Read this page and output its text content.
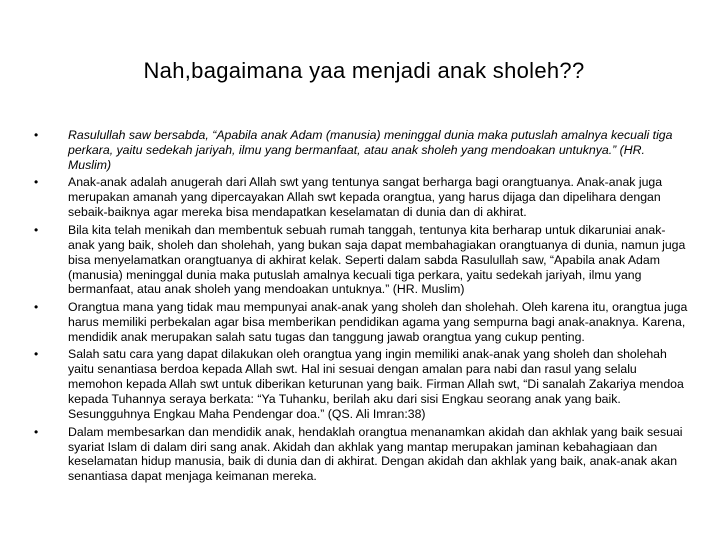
Nah,bagaimana yaa menjadi anak sholeh??
• Rasulullah saw bersabda, “Apabila anak Adam (manusia) meninggal dunia maka putuslah amalnya kecuali tiga perkara, yaitu sedekah jariyah, ilmu yang bermanfaat, atau anak sholeh yang mendoakan untuknya.” (HR. Muslim)
• Anak-anak adalah anugerah dari Allah swt yang tentunya sangat berharga bagi orangtuanya. Anak-anak juga merupakan amanah yang dipercayakan Allah swt kepada orangtua, yang harus dijaga dan dipelihara dengan sebaik-baiknya agar mereka bisa mendapatkan keselamatan di dunia dan di akhirat.
• Bila kita telah menikah dan membentuk sebuah rumah tanggah, tentunya kita berharap untuk dikaruniai anak-anak yang baik, sholeh dan sholehah, yang bukan saja dapat membahagiakan orangtuanya di dunia, namun juga bisa menyelamatkan orangtuanya di akhirat kelak. Seperti dalam sabda Rasulullah saw, “Apabila anak Adam (manusia) meninggal dunia maka putuslah amalnya kecuali tiga perkara, yaitu sedekah jariyah, ilmu yang bermanfaat, atau anak sholeh yang mendoakan untuknya.” (HR. Muslim)
• Orangtua mana yang tidak mau mempunyai anak-anak yang sholeh dan sholehah. Oleh karena itu, orangtua juga harus memiliki perbekalan agar bisa memberikan pendidikan agama yang sempurna bagi anak-anaknya. Karena, mendidik anak merupakan salah satu tugas dan tanggung jawab orangtua yang cukup penting.
• Salah satu cara yang dapat dilakukan oleh orangtua yang ingin memiliki anak-anak yang sholeh dan sholehah yaitu senantiasa berdoa kepada Allah swt. Hal ini sesuai dengan amalan para nabi dan rasul yang selalu memohon kepada Allah swt untuk diberikan keturunan yang baik. Firman Allah swt, “Di sanalah Zakariya mendoa kepada Tuhannya seraya berkata: “Ya Tuhanku, berilah aku dari sisi Engkau seorang anak yang baik. Sesungguhnya Engkau Maha Pendengar doa.” (QS. Ali Imran:38)
• Dalam membesarkan dan mendidik anak, hendaklah orangtua menanamkan akidah dan akhlak yang baik sesuai syariat Islam di dalam diri sang anak. Akidah dan akhlak yang mantap merupakan jaminan kebahagiaan dan keselamatan hidup manusia, baik di dunia dan di akhirat. Dengan akidah dan akhlak yang baik, anak-anak akan senantiasa dapat menjaga keimanan mereka.
